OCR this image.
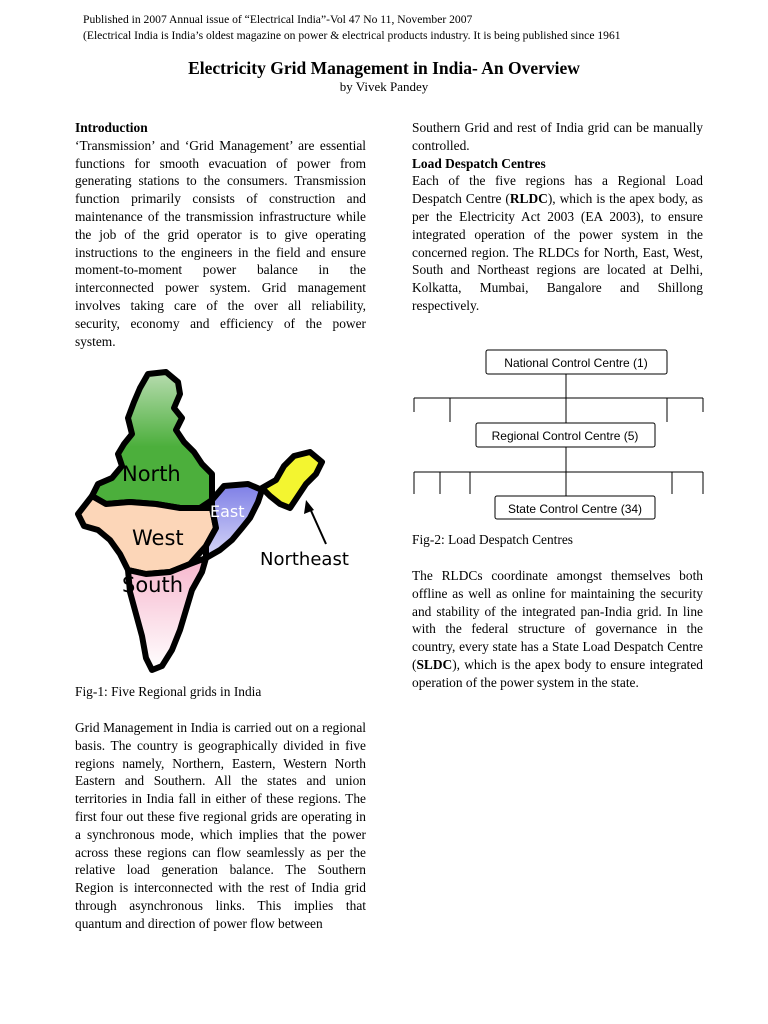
Published in 2007 Annual issue of “Electrical India”-Vol 47 No 11, November 2007
(Electrical India is India’s oldest magazine on power & electrical products industry. It is being published since 1961
Electricity Grid Management in India- An Overview
by Vivek Pandey
Introduction

‘Transmission’ and ‘Grid Management’ are essential functions for smooth evacuation of power from generating stations to the consumers. Transmission function primarily consists of construction and maintenance of the transmission infrastructure while the job of the grid operator is to give operating instructions to the engineers in the field and ensure moment-to-moment power balance in the interconnected power system. Grid management involves taking care of the over all reliability, security, economy and efficiency of the power system.

North
West
East
South
Northeast
Fig-1: Five Regional grids in India

Grid Management in India is carried out on a regional basis. The country is geographically divided in five regions namely, Northern, Eastern, Western North Eastern and Southern. All the states and union territories in India fall in either of these regions. The first four out these five regional grids are operating in a synchronous mode, which implies that the power across these regions can flow seamlessly as per the relative load generation balance. The Southern Region is interconnected with the rest of India grid through asynchronous links. This implies that quantum and direction of power flow between

Southern Grid and rest of India grid can be manually controlled.

Load Despatch Centres

Each of the five regions has a Regional Load Despatch Centre (RLDC), which is the apex body, as per the Electricity Act 2003 (EA 2003), to ensure integrated operation of the power system in the concerned region. The RLDCs for North, East, West, South and Northeast regions are located at Delhi, Kolkatta, Mumbai, Bangalore and Shillong respectively.

National Control Centre (1)
Regional Control Centre (5)
State Control Centre (34)
Fig-2: Load Despatch Centres

The RLDCs coordinate amongst themselves both offline as well as online for maintaining the security and stability of the integrated pan-India grid. In line with the federal structure of governance in the country, every state has a State Load Despatch Centre (SLDC), which is the apex body to ensure integrated operation of the power system in the state.
